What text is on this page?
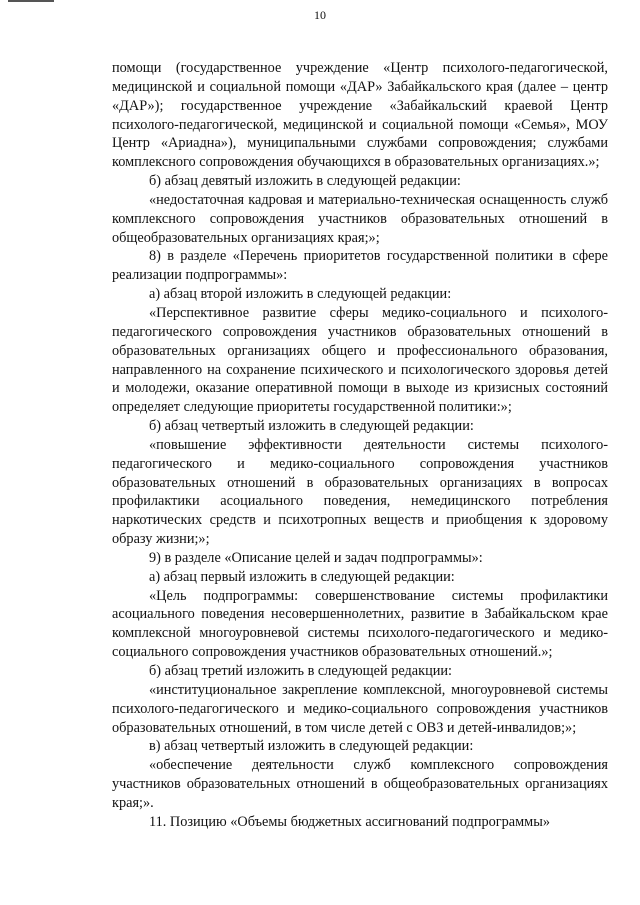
10

помощи (государственное учреждение «Центр психолого-педагогической, медицинской и социальной помощи «ДАР» Забайкальского края (далее – центр «ДАР»); государственное учреждение «Забайкальский краевой Центр психолого-педагогической, медицинской и социальной помощи «Семья», МОУ Центр «Ариадна»), муниципальными службами сопровождения; службами комплексного сопровождения обучающихся в образовательных организациях.»;

б) абзац девятый изложить в следующей редакции:

«недостаточная кадровая и материально-техническая оснащенность служб комплексного сопровождения участников образовательных отношений в общеобразовательных организациях края;»;

8) в разделе «Перечень приоритетов государственной политики в сфере реализации подпрограммы»:

а) абзац второй изложить в следующей редакции:

«Перспективное развитие сферы медико-социального и психолого-педагогического сопровождения участников образовательных отношений в образовательных организациях общего и профессионального образования, направленного на сохранение психического и психологического здоровья детей и молодежи, оказание оперативной помощи в выходе из кризисных состояний определяет следующие приоритеты государственной политики:»;

б) абзац четвертый изложить в следующей редакции:

«повышение эффективности деятельности системы психолого-педагогического и медико-социального сопровождения участников образовательных отношений в образовательных организациях в вопросах профилактики асоциального поведения, немедицинского потребления наркотических средств и психотропных веществ и приобщения к здоровому образу жизни;»;

9) в разделе «Описание целей и задач подпрограммы»:

а) абзац первый изложить в следующей редакции:

«Цель подпрограммы: совершенствование системы профилактики асоциального поведения несовершеннолетних, развитие в Забайкальском крае комплексной многоуровневой системы психолого-педагогического и медико-социального сопровождения участников образовательных отношений.»;

б) абзац третий изложить в следующей редакции:

«институциональное закрепление комплексной, многоуровневой системы психолого-педагогического и медико-социального сопровождения участников образовательных отношений, в том числе детей с ОВЗ и детей-инвалидов;»;

в) абзац четвертый изложить в следующей редакции:

«обеспечение деятельности служб комплексного сопровождения участников образовательных отношений в общеобразовательных организациях края;».

11. Позицию «Объемы бюджетных ассигнований подпрограммы»
